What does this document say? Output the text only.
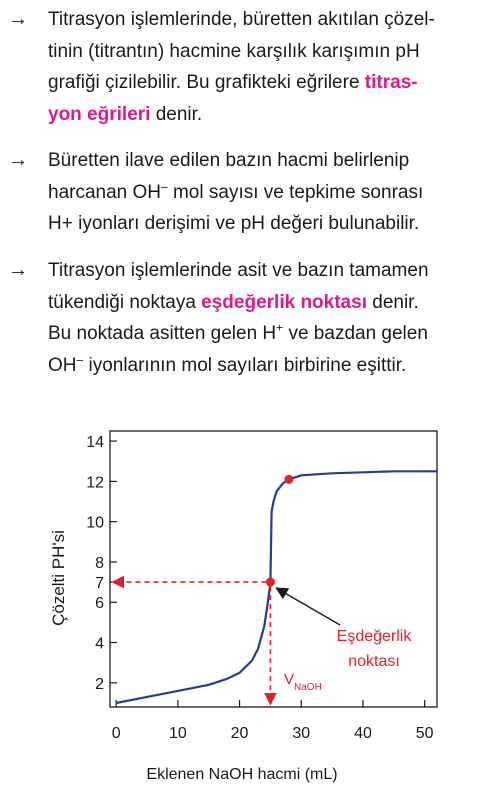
→ Titrasyon işlemlerinde, büretten akıtılan çözel-
tinin (titrantın) hacmine karşılık karışımın pH
grafiği çizilebilir. Bu grafikteki eğrilere titras-
yon eğrileri denir.
→ Büretten ilave edilen bazın hacmi belirlenip
harcanan OH– mol sayısı ve tepkime sonrası
H+ iyonları derişimi ve pH değeri bulunabilir.
→ Titrasyon işlemlerinde asit ve bazın tamamen
tükendiği noktaya eşdeğerlik noktası denir.
Bu noktada asitten gelen H+ ve bazdan gelen
OH– iyonlarının mol sayıları birbirine eşittir.
2
4
6
7
8
10
12
14
0	10	20	30	40	50
Çözelti PH'si
Eşdeğerlik
noktası
$V_{NaOH}$
Eklenen NaOH hacmi (mL)
